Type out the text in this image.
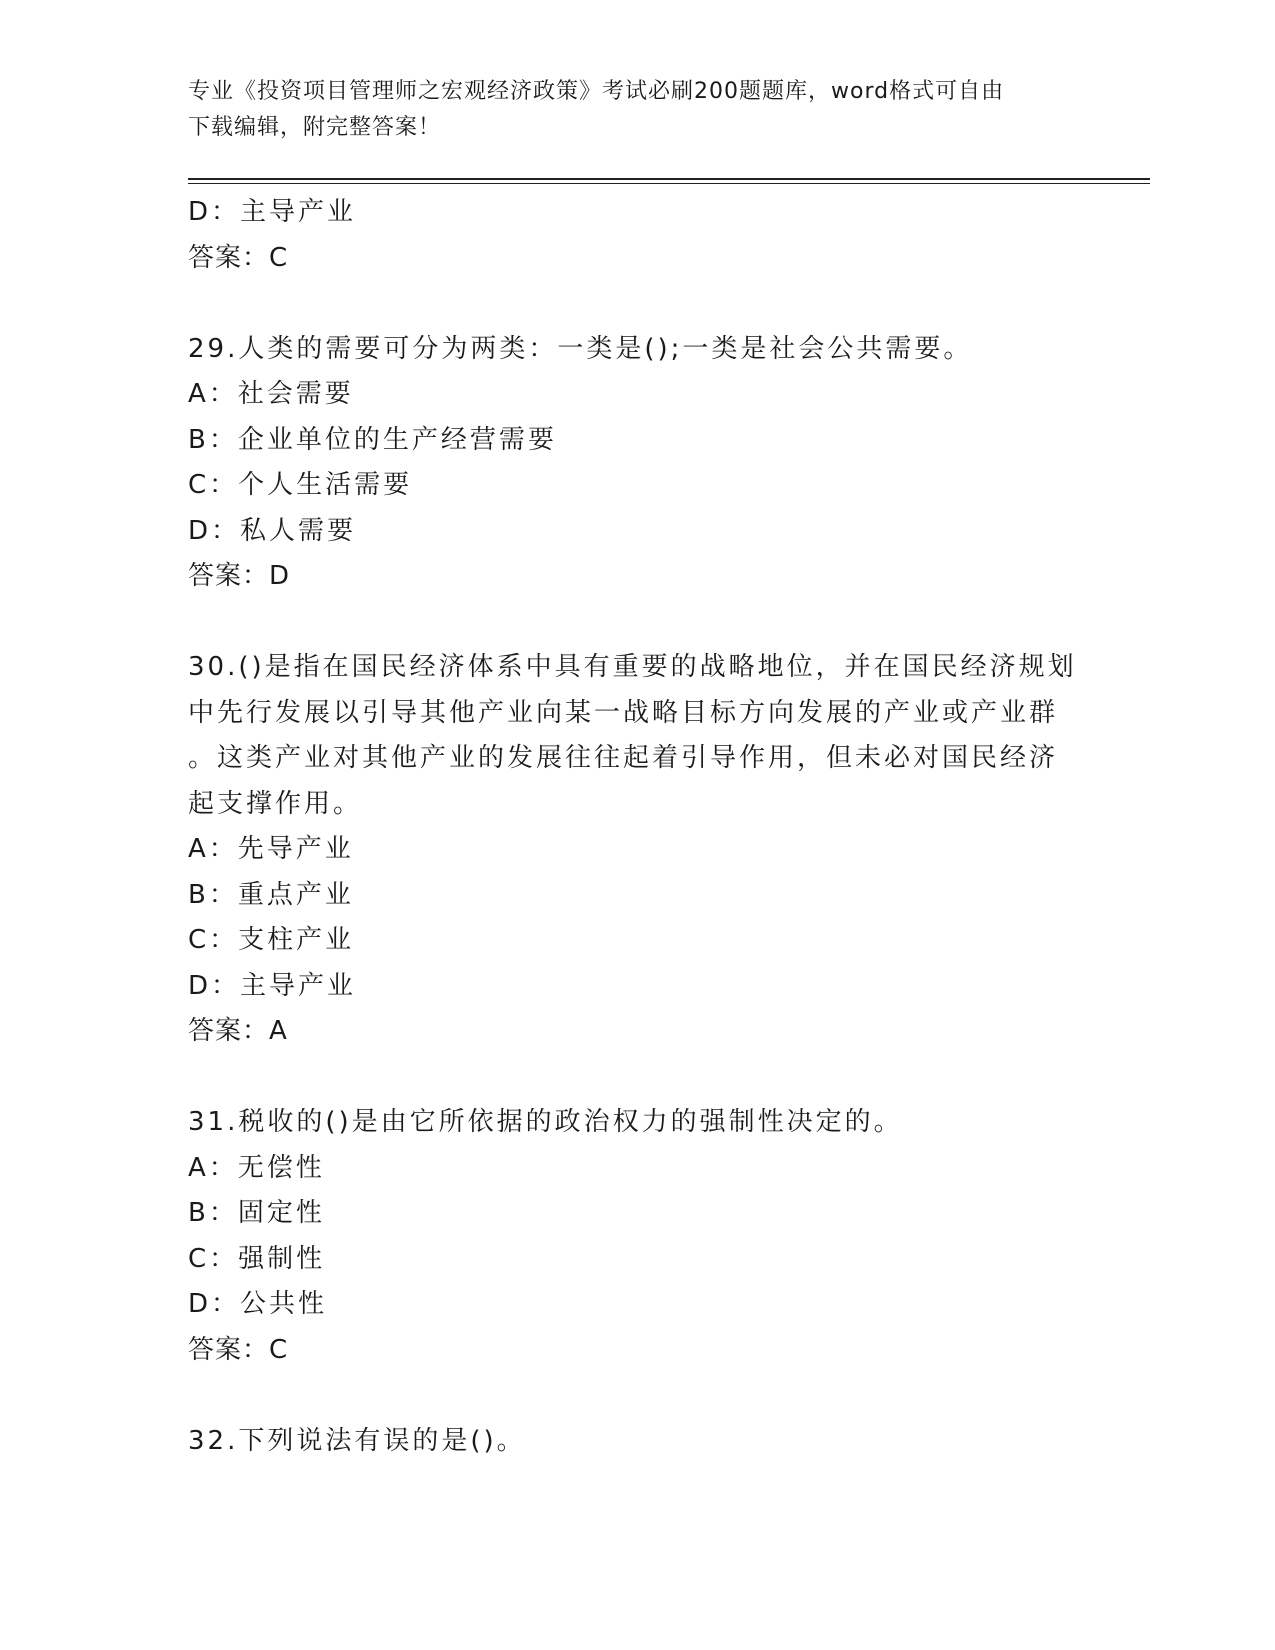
专业《投资项目管理师之宏观经济政策》考试必刷200题题库，word格式可自由
下载编辑，附完整答案！
D：主导产业
答案：C
29.人类的需要可分为两类：一类是();一类是社会公共需要。
A：社会需要
B：企业单位的生产经营需要
C：个人生活需要
D：私人需要
答案：D
30.()是指在国民经济体系中具有重要的战略地位，并在国民经济规划
中先行发展以引导其他产业向某一战略目标方向发展的产业或产业群
。这类产业对其他产业的发展往往起着引导作用，但未必对国民经济
起支撑作用。
A：先导产业
B：重点产业
C：支柱产业
D：主导产业
答案：A
31.税收的()是由它所依据的政治权力的强制性决定的。
A：无偿性
B：固定性
C：强制性
D：公共性
答案：C
32.下列说法有误的是()。
